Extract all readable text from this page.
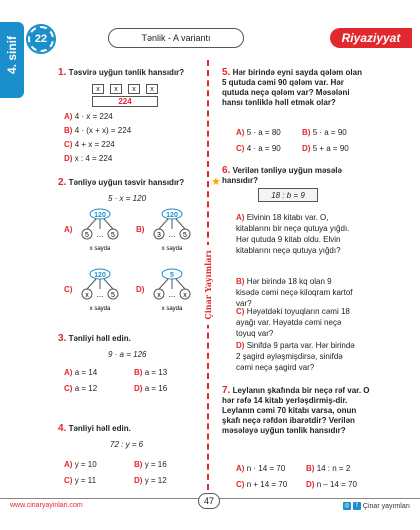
4. sinif	22	Tənlik - A variantı	Riyaziyyat
Çinar Yayımları
1. Təsvirə uyğun tənlik hansıdır?
x	x	x	x
224
A) 4 · x = 224
B) 4 · (x + x) = 224
C) 4 + x = 224
D) x : 4 = 224
2. Tənliyə uyğun təsvir hansıdır?
5 · x = 120
A)
120
5 ... 5
x sayda
B)
120
3 ... 5
x sayda
C)
120
x ... 5
x sayda
D)
5
x ... x
x sayda
3. Tənliyi həll edin.
9 · a = 126
A) a = 14	B) a = 13
C) a = 12	D) a = 16
4. Tənliyi həll edin.
72 : y = 6
A) y = 10	B) y = 16
C) y = 11	D) y = 12
5. Hər birində eyni sayda qələm olan 5 qutuda cəmi 90 qələm var. Hər qutuda neçə qələm var? Məsələni hansı tənliklə həll etmək olar?
A) 5 · a = 80	B) 5 · a = 90
C) 4 · a = 90	D) 5 + a = 90
★
6. Verilən tənliyə uyğun məsələ hansıdır?
18 : b = 9
A) Elvinin 18 kitabı var. O, kitablarını bir neçə qutuya yığdı. Hər qutuda 9 kitab oldu. Elvin kitablarını neçə qutuya yığdı?
B) Hər birində 18 kq olan 9 kisədə cəmi neçə kiloqram kartof var?
C) Həyətdəki toyuqların cəmi 18 ayağı var. Həyətdə cəmi neçə toyuq var?
D) Sinifdə 9 parta var. Hər birində 2 şagird əyləşmişdirsə, sinifdə cəmi neçə şagird var?
7. Leylanın şkafında bir neçə rəf var. O hər rəfə 14 kitab yerləşdirmiş-dir. Leylanın cəmi 70 kitabı varsa, onun şkafı neçə rəfdən ibarətdir? Verilən məsələyə uyğun tənlik hansıdır?
A) n · 14 = 70	B) 14 : n = 2
C) n + 14 = 70 D) n – 14 = 70
www.cinaryayinlari.com	47	◎	f Çinar yayımları
